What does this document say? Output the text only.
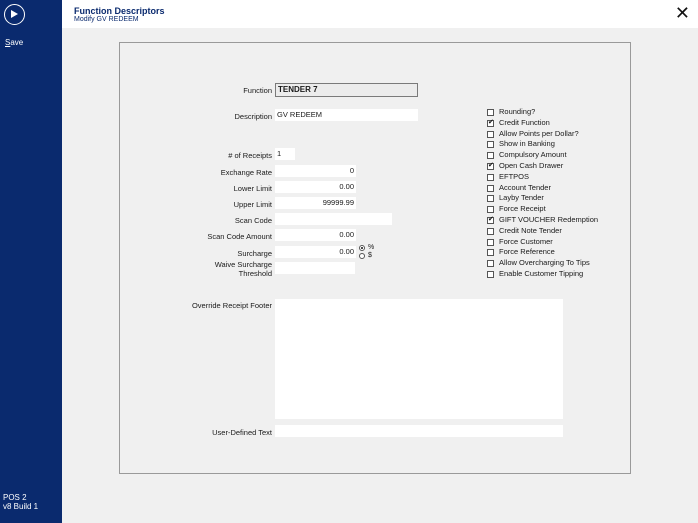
Save
POS 2
v8 Build 1
Function Descriptors
Modify GV REDEEM	✕
Function TENDER 7
Description GV REDEEM
# of Receipts 1
Exchange Rate	0
Lower Limit	0.00
Upper Limit	99999.99
Scan Code
Scan Code Amount	0.00
Surcharge	0.00	%
$
Waive Surcharge
Threshold
Override Receipt Footer
User-Defined Text
Rounding?
✔
Credit Function
Allow Points per Dollar?
Show in Banking
Compulsory Amount
✔
Open Cash Drawer
EFTPOS
Account Tender
Layby Tender
Force Receipt
✔
GIFT VOUCHER Redemption
Credit Note Tender
Force Customer
Force Reference
Allow Overcharging To Tips
Enable Customer Tipping
